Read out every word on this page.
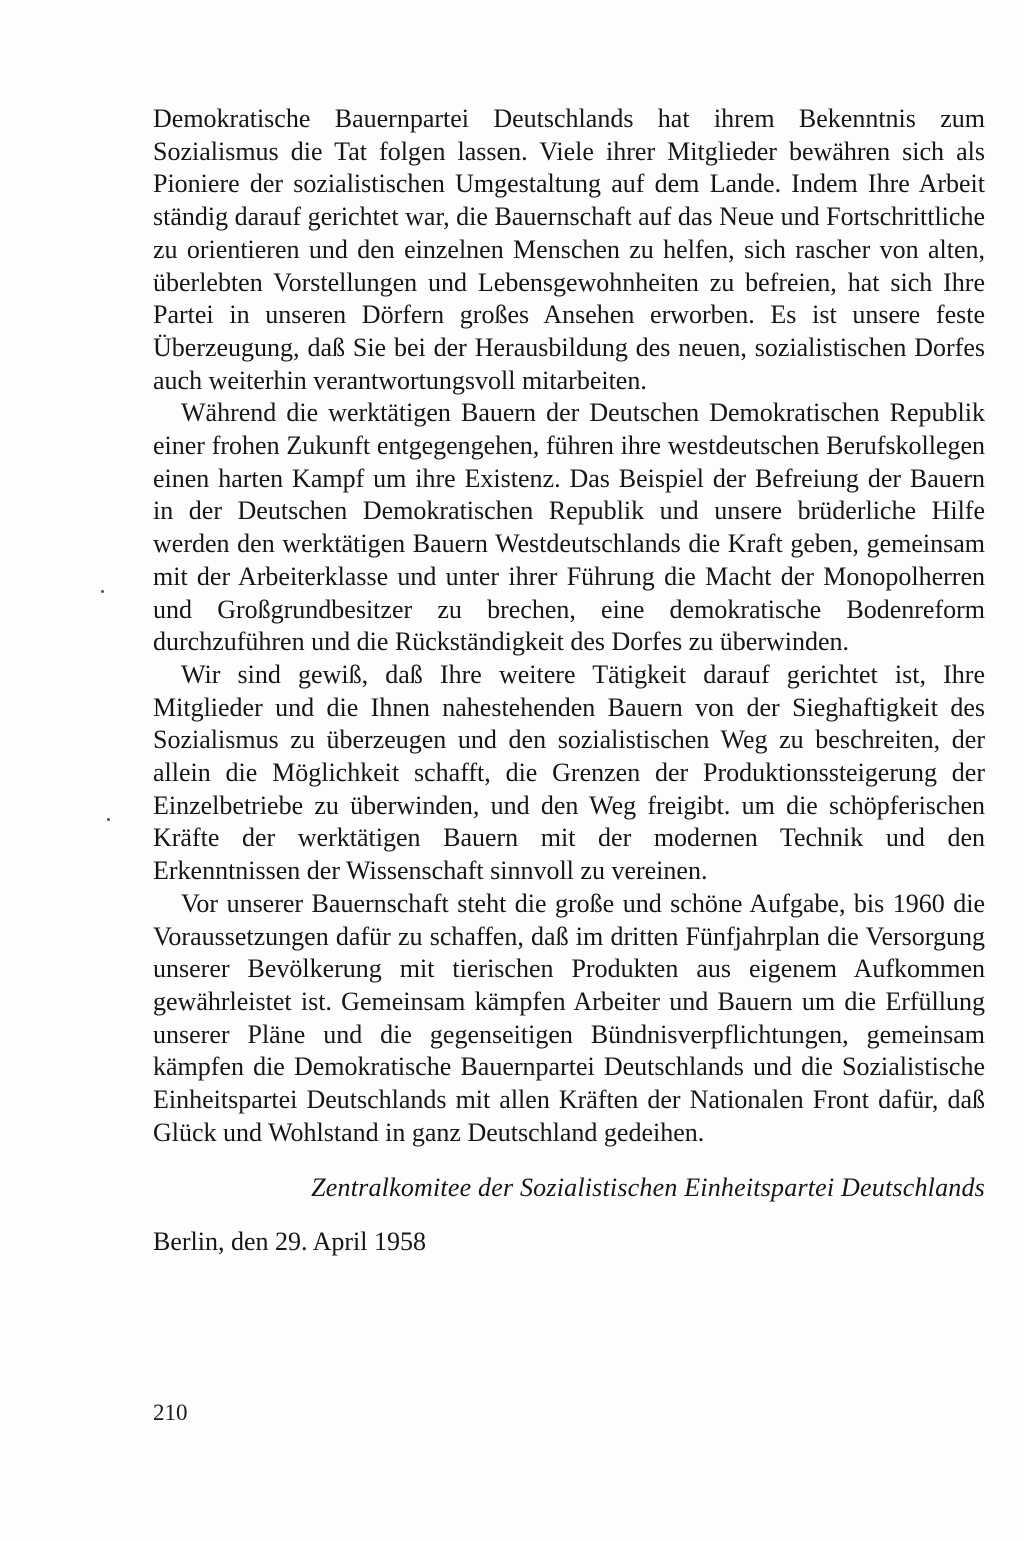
Demokratische Bauernpartei Deutschlands hat ihrem Bekenntnis zum Sozialismus die Tat folgen lassen. Viele ihrer Mitglieder bewähren sich als Pioniere der sozialistischen Umgestaltung auf dem Lande. Indem Ihre Arbeit ständig darauf gerichtet war, die Bauernschaft auf das Neue und Fortschrittliche zu orientieren und den einzelnen Menschen zu helfen, sich rascher von alten, überlebten Vorstellungen und Lebensgewohnheiten zu befreien, hat sich Ihre Partei in unseren Dörfern großes Ansehen erworben. Es ist unsere feste Überzeugung, daß Sie bei der Herausbildung des neuen, sozialistischen Dorfes auch weiterhin verantwortungsvoll mitarbeiten.

Während die werktätigen Bauern der Deutschen Demokratischen Republik einer frohen Zukunft entgegengehen, führen ihre westdeutschen Berufskollegen einen harten Kampf um ihre Existenz. Das Beispiel der Befreiung der Bauern in der Deutschen Demokratischen Republik und unsere brüderliche Hilfe werden den werktätigen Bauern Westdeutschlands die Kraft geben, gemeinsam mit der Arbeiterklasse und unter ihrer Führung die Macht der Monopolherren und Großgrundbesitzer zu brechen, eine demokratische Bodenreform durchzuführen und die Rückständigkeit des Dorfes zu überwinden.

Wir sind gewiß, daß Ihre weitere Tätigkeit darauf gerichtet ist, Ihre Mitglieder und die Ihnen nahestehenden Bauern von der Sieghaftigkeit des Sozialismus zu überzeugen und den sozialistischen Weg zu beschreiten, der allein die Möglichkeit schafft, die Grenzen der Produktionssteigerung der Einzelbetriebe zu überwinden, und den Weg freigibt. um die schöpferischen Kräfte der werktätigen Bauern mit der modernen Technik und den Erkenntnissen der Wissenschaft sinnvoll zu vereinen.

Vor unserer Bauernschaft steht die große und schöne Aufgabe, bis 1960 die Voraussetzungen dafür zu schaffen, daß im dritten Fünfjahrplan die Versorgung unserer Bevölkerung mit tierischen Produkten aus eigenem Aufkommen gewährleistet ist. Gemeinsam kämpfen Arbeiter und Bauern um die Erfüllung unserer Pläne und die gegenseitigen Bündnisverpflichtungen, gemeinsam kämpfen die Demokratische Bauernpartei Deutschlands und die Sozialistische Einheitspartei Deutschlands mit allen Kräften der Nationalen Front dafür, daß Glück und Wohlstand in ganz Deutschland gedeihen.

Zentralkomitee der Sozialistischen Einheitspartei Deutschlands

Berlin, den 29. April 1958

210
